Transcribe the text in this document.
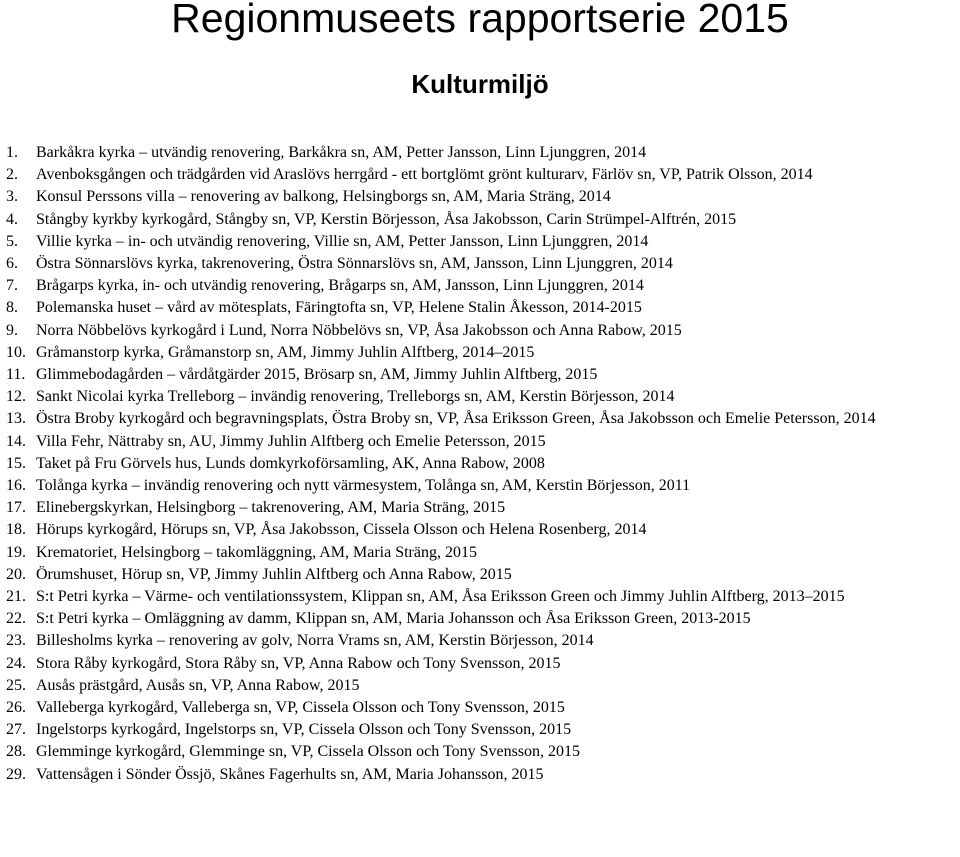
Regionmuseets rapportserie 2015
Kulturmiljö
1. Barkåkra kyrka – utvändig renovering, Barkåkra sn, AM, Petter Jansson, Linn Ljunggren, 2014
2. Avenboksgången och trädgården vid Araslövs herrgård - ett bortglömt grönt kulturarv, Färlöv sn, VP, Patrik Olsson, 2014
3. Konsul Perssons villa – renovering av balkong, Helsingborgs sn, AM, Maria Sträng, 2014
4. Stångby kyrkby kyrkogård, Stångby sn, VP, Kerstin Börjesson, Åsa Jakobsson, Carin Strümpel-Alftrén, 2015
5. Villie kyrka – in- och utvändig renovering, Villie sn, AM, Petter Jansson, Linn Ljunggren, 2014
6. Östra Sönnarslövs kyrka, takrenovering, Östra Sönnarslövs sn, AM, Jansson, Linn Ljunggren, 2014
7. Brågarps kyrka, in- och utvändig renovering, Brågarps sn, AM, Jansson, Linn Ljunggren, 2014
8. Polemanska huset – vård av mötesplats, Färingtofta sn, VP, Helene Stalin Åkesson, 2014-2015
9. Norra Nöbbelövs kyrkogård i Lund, Norra Nöbbelövs sn, VP, Åsa Jakobsson och Anna Rabow, 2015
10. Gråmanstorp kyrka, Gråmanstorp sn, AM, Jimmy Juhlin Alftberg, 2014–2015
11. Glimmebodagården – vårdåtgärder 2015, Brösarp sn, AM, Jimmy Juhlin Alftberg, 2015
12. Sankt Nicolai kyrka Trelleborg – invändig renovering, Trelleborgs sn, AM, Kerstin Börjesson, 2014
13. Östra Broby kyrkogård och begravningsplats, Östra Broby sn, VP, Åsa Eriksson Green, Åsa Jakobsson och Emelie Petersson, 2014
14. Villa Fehr, Nättraby sn, AU, Jimmy Juhlin Alftberg och Emelie Petersson, 2015
15. Taket på Fru Görvels hus, Lunds domkyrkoförsamling, AK, Anna Rabow, 2008
16. Tolånga kyrka – invändig renovering och nytt värmesystem, Tolånga sn, AM, Kerstin Börjesson, 2011
17. Elinebergskyrkan, Helsingborg – takrenovering, AM, Maria Sträng, 2015
18. Hörups kyrkogård, Hörups sn, VP, Åsa Jakobsson, Cissela Olsson och Helena Rosenberg, 2014
19. Krematoriet, Helsingborg – takomläggning, AM, Maria Sträng, 2015
20. Örumshuset, Hörup sn, VP, Jimmy Juhlin Alftberg och Anna Rabow, 2015
21. S:t Petri kyrka – Värme- och ventilationssystem, Klippan sn, AM, Åsa Eriksson Green och Jimmy Juhlin Alftberg, 2013–2015
22. S:t Petri kyrka – Omläggning av damm, Klippan sn, AM, Maria Johansson och Åsa Eriksson Green, 2013-2015
23. Billesholms kyrka – renovering av golv, Norra Vrams sn, AM, Kerstin Börjesson, 2014
24. Stora Råby kyrkogård, Stora Råby sn, VP, Anna Rabow och Tony Svensson, 2015
25. Ausås prästgård, Ausås sn, VP, Anna Rabow, 2015
26. Valleberga kyrkogård, Valleberga sn, VP, Cissela Olsson och Tony Svensson, 2015
27. Ingelstorps kyrkogård, Ingelstorps sn, VP, Cissela Olsson och Tony Svensson, 2015
28. Glemminge kyrkogård, Glemminge sn, VP, Cissela Olsson och Tony Svensson, 2015
29. Vattensågen i Sönder Össjö, Skånes Fagerhults sn, AM, Maria Johansson, 2015
